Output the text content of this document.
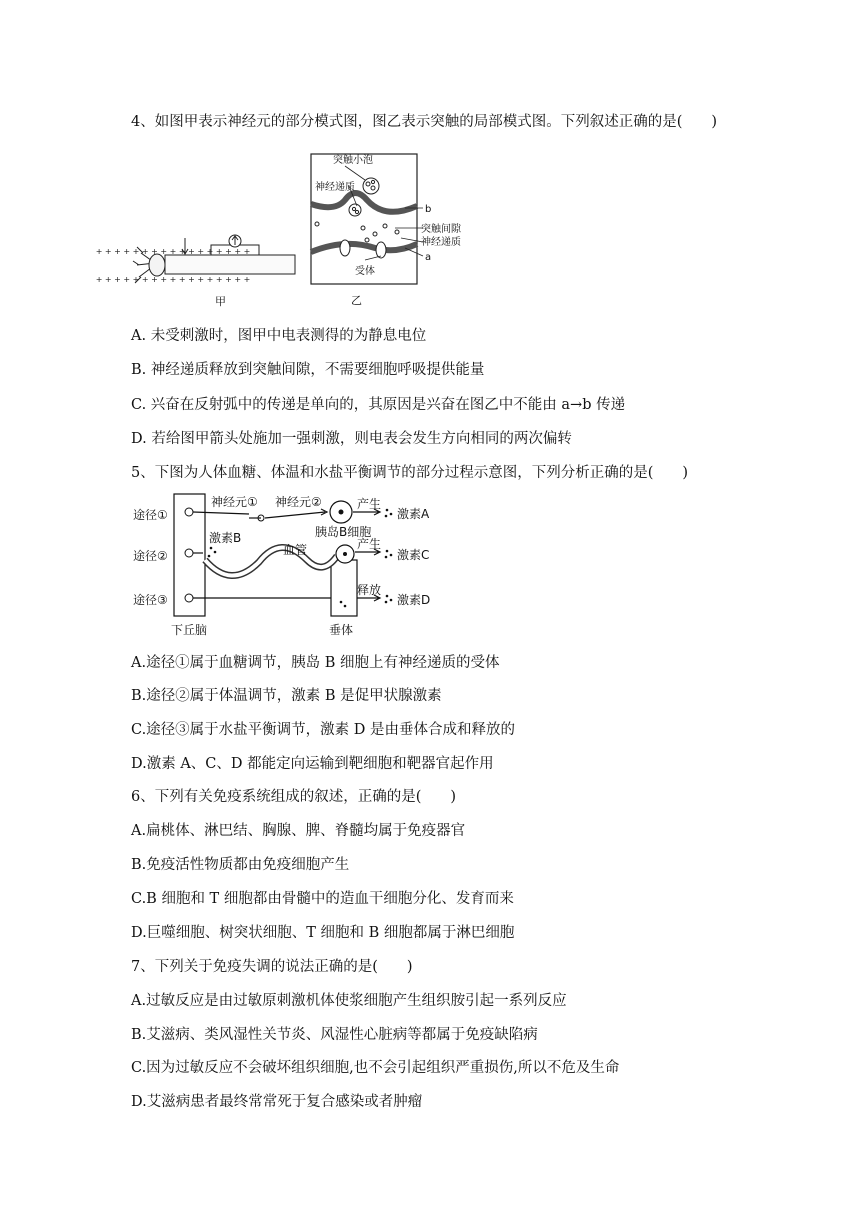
4、如图甲表示神经元的部分模式图，图乙表示突触的局部模式图。下列叙述正确的是(　　)
+ + + + + + + + + + + + + + + + +
+ + + + + + + + + + + + + + + + +
甲
突触小泡
神经递质
b
突触间隙
神经递质
a
受体
乙
A. 未受刺激时，图甲中电表测得的为静息电位
B. 神经递质释放到突触间隙，不需要细胞呼吸提供能量
C. 兴奋在反射弧中的传递是单向的，其原因是兴奋在图乙中不能由 a→b 传递
D. 若给图甲箭头处施加一强刺激，则电表会发生方向相同的两次偏转
5、下图为人体血糖、体温和水盐平衡调节的部分过程示意图，下列分析正确的是(　　)
途径①
途径②
途径③
神经元① 神经元②
胰岛B细胞
产生
激素A
激素B
血管	产生
激素C
释放
激素D
下丘脑	垂体
A.途径①属于血糖调节，胰岛 B 细胞上有神经递质的受体
B.途径②属于体温调节，激素 B 是促甲状腺激素
C.途径③属于水盐平衡调节，激素 D 是由垂体合成和释放的
D.激素 A、C、D 都能定向运输到靶细胞和靶器官起作用
6、下列有关免疫系统组成的叙述，正确的是(　　)
A.扁桃体、淋巴结、胸腺、脾、脊髓均属于免疫器官
B.免疫活性物质都由免疫细胞产生
C.B 细胞和 T 细胞都由骨髓中的造血干细胞分化、发育而来
D.巨噬细胞、树突状细胞、T 细胞和 B 细胞都属于淋巴细胞
7、下列关于免疫失调的说法正确的是(　　)
A.过敏反应是由过敏原刺激机体使浆细胞产生组织胺引起一系列反应
B.艾滋病、类风湿性关节炎、风湿性心脏病等都属于免疫缺陷病
C.因为过敏反应不会破坏组织细胞,也不会引起组织严重损伤,所以不危及生命
D.艾滋病患者最终常常死于复合感染或者肿瘤
